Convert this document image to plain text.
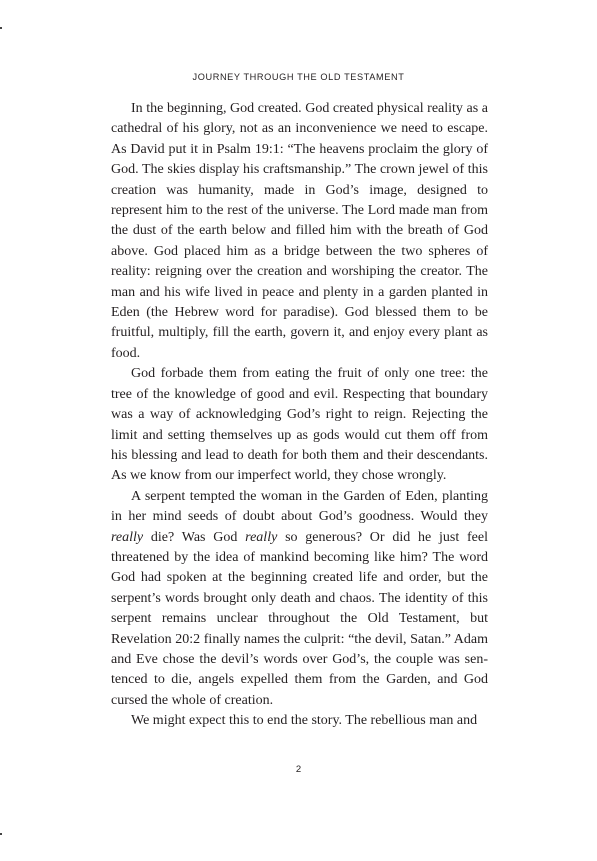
JOURNEY THROUGH THE OLD TESTAMENT

In the beginning, God created. God created physical reality as a cathedral of his glory, not as an inconvenience we need to escape. As David put it in Psalm 19:1: “The heavens proclaim the glory of God. The skies display his craftsmanship.” The crown jewel of this creation was humanity, made in God’s image, designed to represent him to the rest of the universe. The Lord made man from the dust of the earth below and filled him with the breath of God above. God placed him as a bridge between the two spheres of reality: reigning over the creation and worshiping the creator. The man and his wife lived in peace and plenty in a garden planted in Eden (the Hebrew word for paradise). God blessed them to be fruitful, multiply, fill the earth, govern it, and enjoy every plant as food.

God forbade them from eating the fruit of only one tree: the tree of the knowledge of good and evil. Respecting that boundary was a way of acknowledging God’s right to reign. Rejecting the limit and setting themselves up as gods would cut them off from his blessing and lead to death for both them and their descendants. As we know from our imperfect world, they chose wrongly.

A serpent tempted the woman in the Garden of Eden, planting in her mind seeds of doubt about God’s goodness. Would they really die? Was God really so generous? Or did he just feel threatened by the idea of mankind becoming like him? The word God had spoken at the beginning created life and order, but the serpent’s words brought only death and chaos. The identity of this serpent remains unclear throughout the Old Testament, but Revelation 20:2 finally names the culprit: “the devil, Satan.” Adam and Eve chose the devil’s words over God’s, the couple was sentenced to die, angels expelled them from the Garden, and God cursed the whole of creation.

We might expect this to end the story. The rebellious man and

2
